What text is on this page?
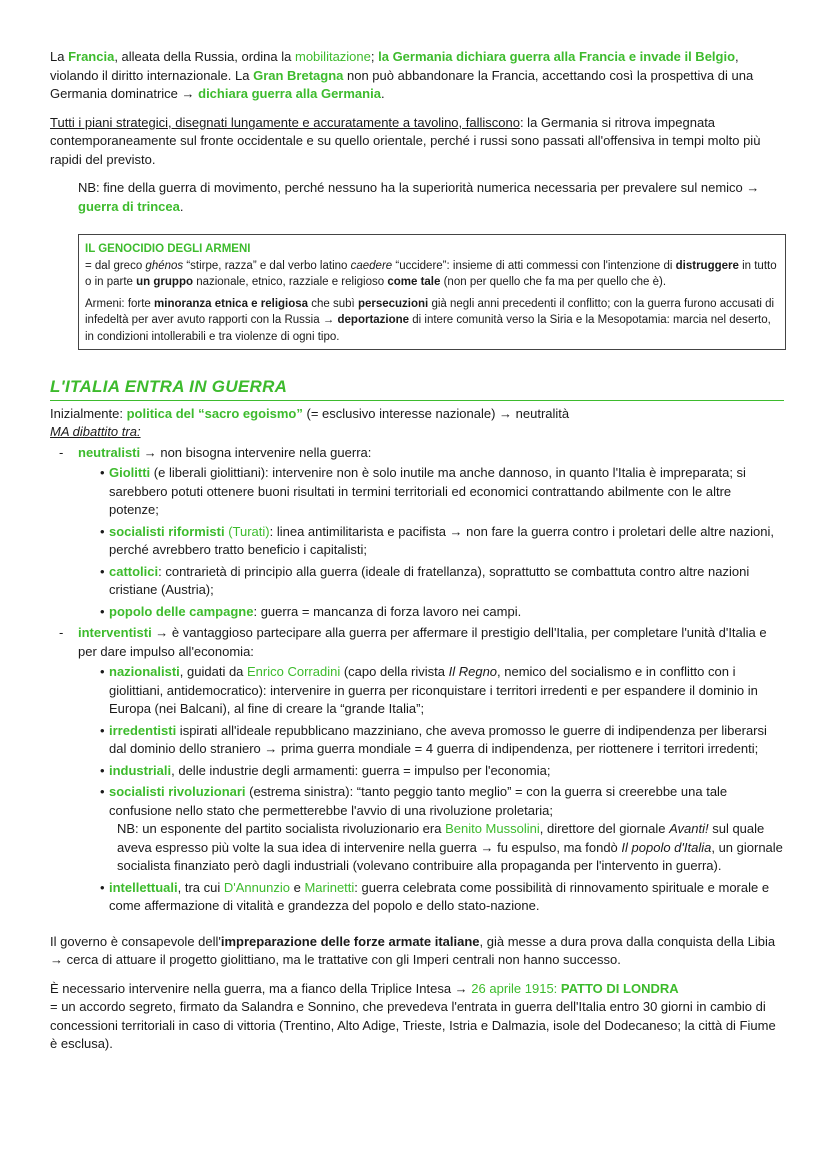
La Francia, alleata della Russia, ordina la mobilitazione; la Germania dichiara guerra alla Francia e invade il Belgio, violando il diritto internazionale. La Gran Bretagna non può abbandonare la Francia, accettando così la prospettiva di una Germania dominatrice → dichiara guerra alla Germania.

Tutti i piani strategici, disegnati lungamente e accuratamente a tavolino, falliscono: la Germania si ritrova impegnata contemporaneamente sul fronte occidentale e su quello orientale, perché i russi sono passati all'offensiva in tempi molto più rapidi del previsto.

NB: fine della guerra di movimento, perché nessuno ha la superiorità numerica necessaria per prevalere sul nemico → guerra di trincea.

IL GENOCIDIO DEGLI ARMENI

= dal greco ghénos “stirpe, razza” e dal verbo latino caedere “uccidere”: insieme di atti commessi con l'intenzione di distruggere in tutto o in parte un gruppo nazionale, etnico, razziale e religioso come tale (non per quello che fa ma per quello che è).

Armeni: forte minoranza etnica e religiosa che subì persecuzioni già negli anni precedenti il conflitto; con la guerra furono accusati di infedeltà per aver avuto rapporti con la Russia → deportazione di intere comunità verso la Siria e la Mesopotamia: marcia nel deserto, in condizioni intollerabili e tra violenze di ogni tipo.

L'ITALIA ENTRA IN GUERRA

Inizialmente: politica del “sacro egoismo” (= esclusivo interesse nazionale) → neutralità

MA dibattito tra:

- neutralisti → non bisogna intervenire nella guerra:
• Giolitti (e liberali giolittiani): intervenire non è solo inutile ma anche dannoso, in quanto l'Italia è impreparata; si sarebbero potuti ottenere buoni risultati in termini territoriali ed economici contrattando abilmente con le altre potenze;
• socialisti riformisti (Turati): linea antimilitarista e pacifista → non fare la guerra contro i proletari delle altre nazioni, perché avrebbero tratto beneficio i capitalisti;
• cattolici: contrarietà di principio alla guerra (ideale di fratellanza), soprattutto se combattuta contro altre nazioni cristiane (Austria);
• popolo delle campagne: guerra = mancanza di forza lavoro nei campi.
- interventisti → è vantaggioso partecipare alla guerra per affermare il prestigio dell'Italia, per completare l'unità d'Italia e per dare impulso all'economia:
• nazionalisti, guidati da Enrico Corradini (capo della rivista Il Regno, nemico del socialismo e in conflitto con i giolittiani, antidemocratico): intervenire in guerra per riconquistare i territori irredenti e per espandere il dominio in Europa (nei Balcani), al fine di creare la “grande Italia”;
• irredentisti ispirati all'ideale repubblicano mazziniano, che aveva promosso le guerre di indipendenza per liberarsi dal dominio dello straniero → prima guerra mondiale = 4 guerra di indipendenza, per riottenere i territori irredenti;
• industriali, delle industrie degli armamenti: guerra = impulso per l'economia;
• socialisti rivoluzionari (estrema sinistra): “tanto peggio tanto meglio” = con la guerra si creerebbe una tale confusione nello stato che permetterebbe l'avvio di una rivoluzione proletaria;

NB: un esponente del partito socialista rivoluzionario era Benito Mussolini, direttore del giornale Avanti! sul quale aveva espresso più volte la sua idea di intervenire nella guerra → fu espulso, ma fondò Il popolo d'Italia, un giornale socialista finanziato però dagli industriali (volevano contribuire alla propaganda per l'intervento in guerra).

• intellettuali, tra cui D'Annunzio e Marinetti: guerra celebrata come possibilità di rinnovamento spirituale e morale e come affermazione di vitalità e grandezza del popolo e dello stato-nazione.

Il governo è consapevole dell'impreparazione delle forze armate italiane, già messe a dura prova dalla conquista della Libia → cerca di attuare il progetto giolittiano, ma le trattative con gli Imperi centrali non hanno successo.

È necessario intervenire nella guerra, ma a fianco della Triplice Intesa → 26 aprile 1915: PATTO DI LONDRA
= un accordo segreto, firmato da Salandra e Sonnino, che prevedeva l'entrata in guerra dell'Italia entro 30 giorni in cambio di concessioni territoriali in caso di vittoria (Trentino, Alto Adige, Trieste, Istria e Dalmazia, isole del Dodecaneso; la città di Fiume è esclusa).
